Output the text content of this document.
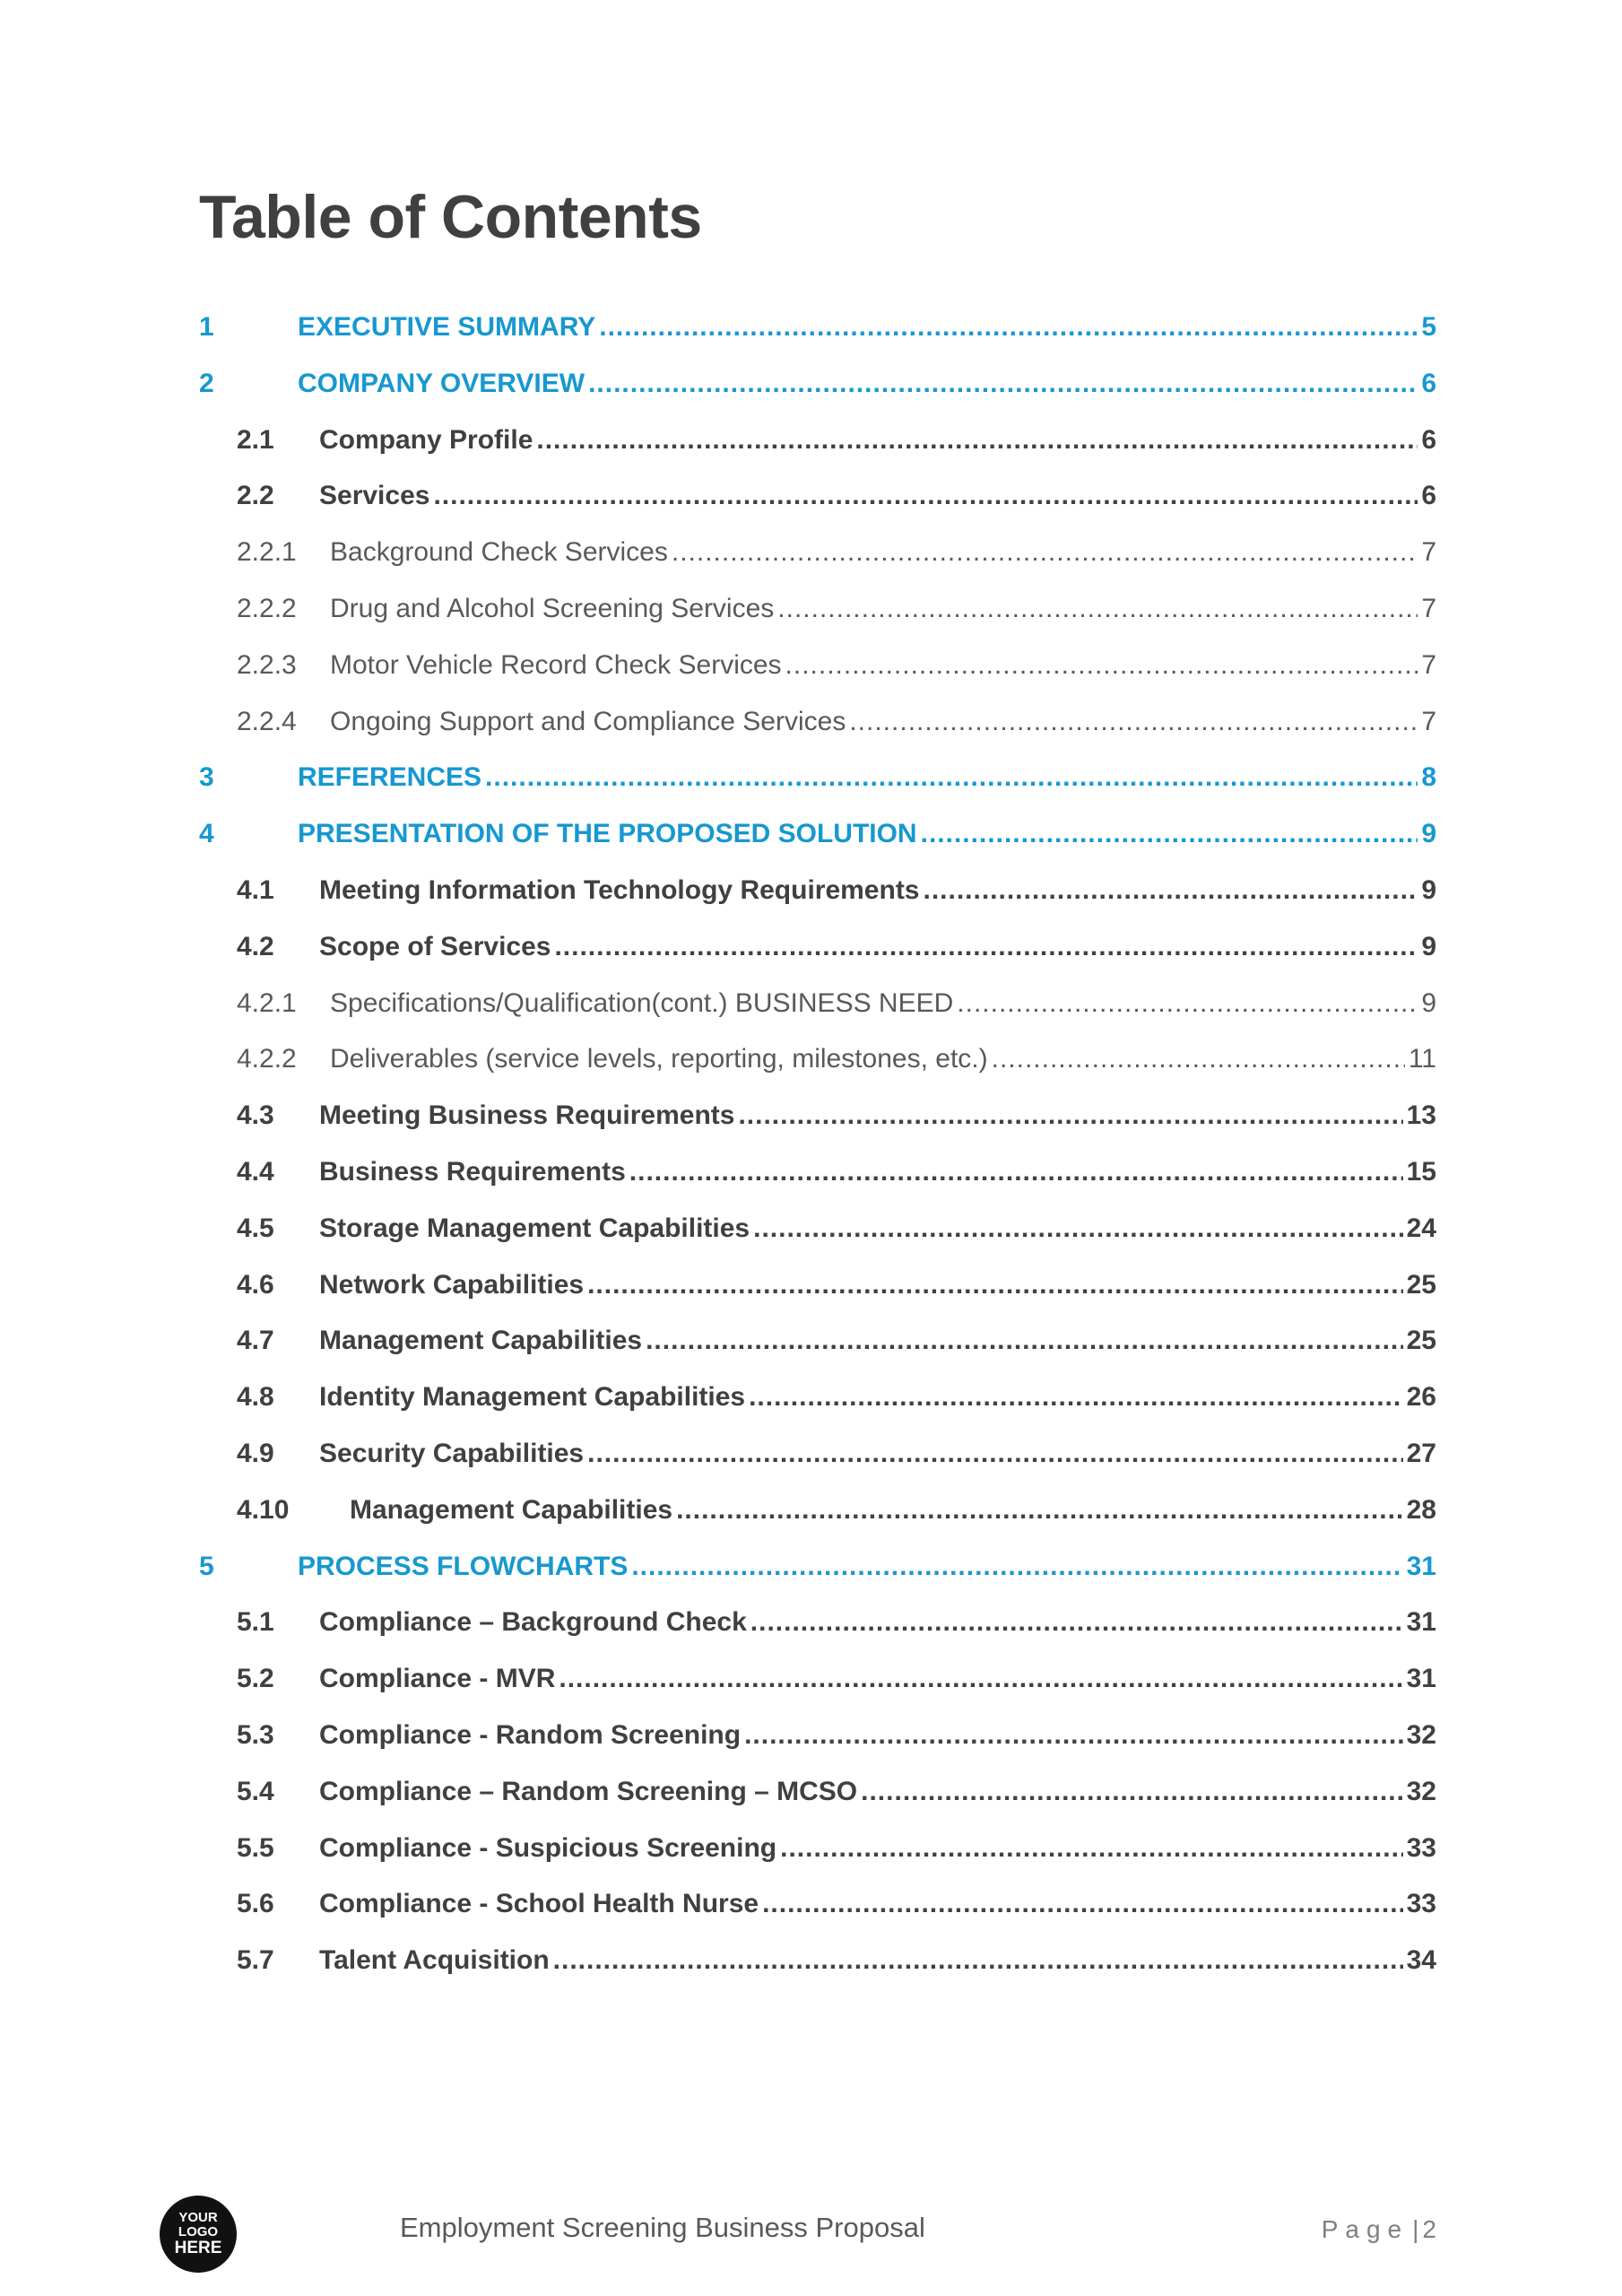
Table of Contents
1	EXECUTIVE SUMMARY .....	5
2	COMPANY OVERVIEW .....	6
2.1	Company Profile .....	6
2.2	Services .....	6
2.2.1	Background Check Services .....	7
2.2.2	Drug and Alcohol Screening Services .....	7
2.2.3	Motor Vehicle Record Check Services .....	7
2.2.4	Ongoing Support and Compliance Services .....	7
3	REFERENCES .....	8
4	PRESENTATION OF THE PROPOSED SOLUTION .....	9
4.1	Meeting Information Technology Requirements .....	9
4.2	Scope of Services .....	9
4.2.1	Specifications/Qualification(cont.) BUSINESS NEED .....	9
4.2.2	Deliverables (service levels, reporting, milestones, etc.) .....	11
4.3	Meeting Business Requirements .....	13
4.4	Business Requirements .....	15
4.5	Storage Management Capabilities .....	24
4.6	Network Capabilities .....	25
4.7	Management Capabilities .....	25
4.8	Identity Management Capabilities .....	26
4.9	Security Capabilities .....	27
4.10	Management Capabilities .....	28
5	PROCESS FLOWCHARTS .....	31
5.1	Compliance – Background Check .....	31
5.2	Compliance - MVR .....	31
5.3	Compliance - Random Screening .....	32
5.4	Compliance – Random Screening – MCSO .....	32
5.5	Compliance - Suspicious Screening .....	33
5.6	Compliance - School Health Nurse .....	33
5.7	Talent Acquisition .....	34
YOUR
LOGO
HERE
Employment Screening Business Proposal	Page | 2
